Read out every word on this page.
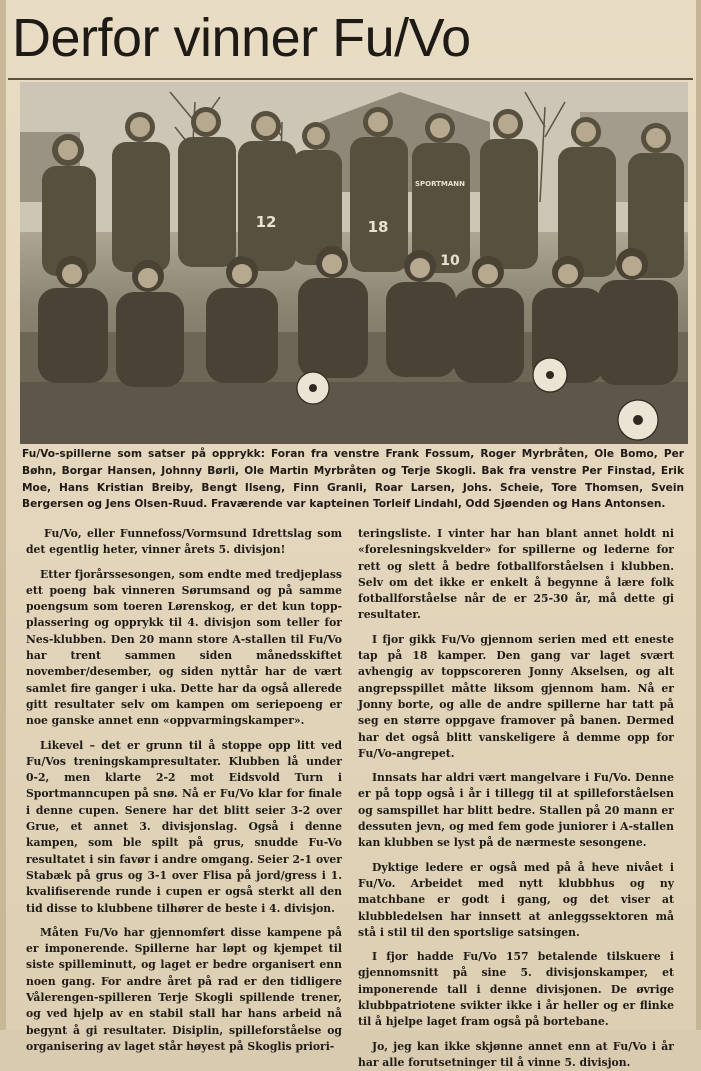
Derfor vinner Fu/Vo
12	18
10
SPORTMANN
Fu/Vo-spillerne som satser på opprykk: Foran fra venstre Frank Fossum, Roger Myrbråten, Ole Bomo, Per Bøhn, Borgar Hansen, Johnny Børli, Ole Martin Myrbråten og Terje Skogli. Bak fra venstre Per Finstad, Erik Moe, Hans Kristian Breiby, Bengt Ilseng, Finn Granli, Roar Larsen, Johs. Scheie, Tore Thomsen, Svein Bergersen og Jens Olsen-Ruud. Fraværende var kapteinen Torleif Lindahl, Odd Sjøenden og Hans Antonsen.

Fu/Vo, eller Funnefoss/Vormsund Idrettslag som det egentlig heter, vinner årets 5. divisjon!

Etter fjorårssesongen, som endte med tredjeplass ett poeng bak vinneren Sørumsand og på samme poengsum som toeren Lørenskog, er det kun topp-plassering og opprykk til 4. divisjon som teller for Nes-klubben. Den 20 mann store A-stallen til Fu/Vo har trent sammen siden månedsskiftet november/desember, og siden nyttår har de vært samlet fire ganger i uka. Dette har da også allerede gitt resultater selv om kampen om seriepoeng er noe ganske annet enn «oppvarmingskamper».

Likevel – det er grunn til å stoppe opp litt ved Fu/Vos treningskampresultater. Klubben lå under 0-2, men klarte 2-2 mot Eidsvold Turn i Sportmanncupen på snø. Nå er Fu/Vo klar for finale i denne cupen. Senere har det blitt seier 3-2 over Grue, et annet 3. divisjonslag. Også i denne kampen, som ble spilt på grus, snudde Fu-Vo resultatet i sin favør i andre omgang. Seier 2-1 over Stabæk på grus og 3-1 over Flisa på jord/gress i 1. kvalifiserende runde i cupen er også sterkt all den tid disse to klubbene tilhører de beste i 4. divisjon.

Måten Fu/Vo har gjennomført disse kampene på er imponerende. Spillerne har løpt og kjempet til siste spilleminutt, og laget er bedre organisert enn noen gang. For andre året på rad er den tidligere Vålerengen-spilleren Terje Skogli spillende trener, og ved hjelp av en stabil stall har hans arbeid nå begynt å gi resultater. Disiplin, spilleforståelse og organisering av laget står høyest på Skoglis priori-

teringsliste. I vinter har han blant annet holdt ni «forelesningskvelder» for spillerne og lederne for rett og slett å bedre fotballforståelsen i klubben. Selv om det ikke er enkelt å begynne å lære folk fotballforståelse når de er 25-30 år, må dette gi resultater.

I fjor gikk Fu/Vo gjennom serien med ett eneste tap på 18 kamper. Den gang var laget svært avhengig av toppscoreren Jonny Akselsen, og alt angrepsspillet måtte liksom gjennom ham. Nå er Jonny borte, og alle de andre spillerne har tatt på seg en større oppgave framover på banen. Dermed har det også blitt vanskeligere å demme opp for Fu/Vo-angrepet.

Innsats har aldri vært mangelvare i Fu/Vo. Denne er på topp også i år i tillegg til at spilleforståelsen og samspillet har blitt bedre. Stallen på 20 mann er dessuten jevn, og med fem gode juniorer i A-stallen kan klubben se lyst på de nærmeste sesongene.

Dyktige ledere er også med på å heve nivået i Fu/Vo. Arbeidet med nytt klubbhus og ny matchbane er godt i gang, og det viser at klubbledelsen har innsett at anleggssektoren må stå i stil til den sportslige satsingen.

I fjor hadde Fu/Vo 157 betalende tilskuere i gjennomsnitt på sine 5. divisjonskamper, et imponerende tall i denne divisjonen. De øvrige klubbpatriotene svikter ikke i år heller og er flinke til å hjelpe laget fram også på bortebane.

Jo, jeg kan ikke skjønne annet enn at Fu/Vo i år har alle forutsetninger til å vinne 5. divisjon.
